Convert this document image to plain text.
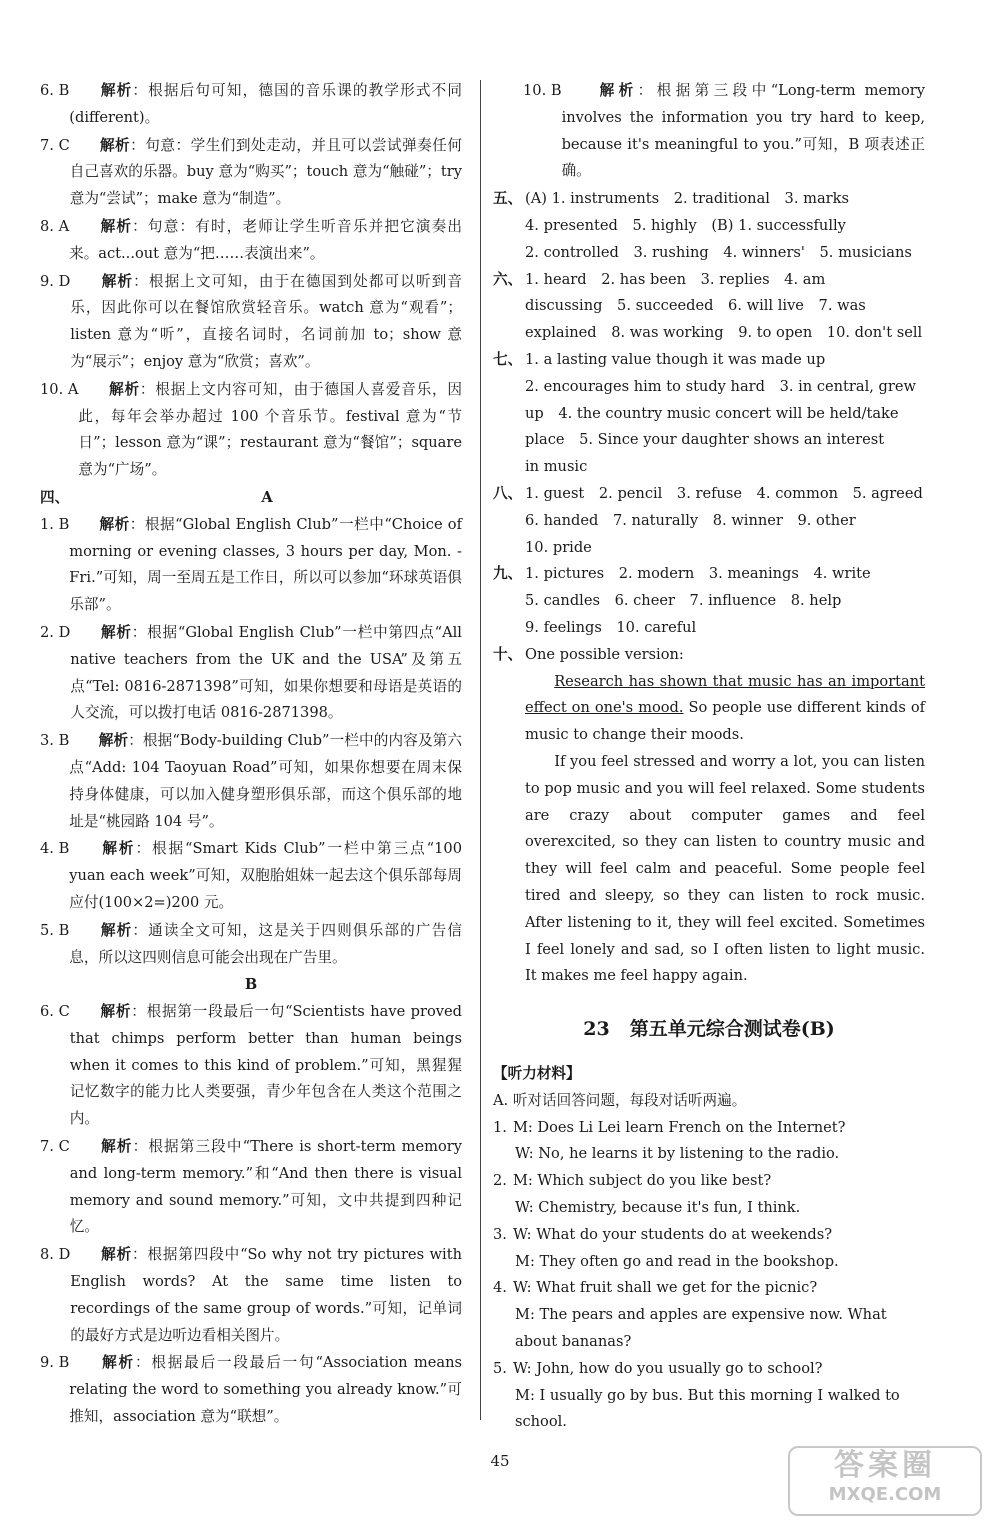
6. B
　　	解析：根据后句可知，德国的音乐课的教学形式不同(different)。
7. C
　　	解析：句意：学生们到处走动，并且可以尝试弹奏任何自己喜欢的乐器。buy 意为“购买”；touch 意为“触碰”；try 意为“尝试”；make 意为“制造”。
8. A
　　	解析：句意：有时，老师让学生听音乐并把它演奏出来。act...out 意为“把……表演出来”。
9. D
　　	解析：根据上文可知，由于在德国到处都可以听到音乐，因此你可以在餐馆欣赏轻音乐。watch 意为“观看”；listen 意为“听”，直接名词时，名词前加 to；show 意为“展示”；enjoy 意为“欣赏；喜欢”。
10. A
　　	解析：根据上文内容可知，由于德国人喜爱音乐，因此，每年会举办超过 100 个音乐节。festival 意为“节日”；lesson 意为“课”；restaurant 意为“餐馆”；square 意为“广场”。
四、	A
1. B
　　	解析：根据“Global English Club”一栏中“Choice of morning or evening classes, 3 hours per day, Mon. -Fri.”可知，周一至周五是工作日，所以可以参加“环球英语俱乐部”。
2. D
　　	解析：根据“Global English Club”一栏中第四点“All native teachers from the UK and the USA”及第五点“Tel: 0816-2871398”可知，如果你想要和母语是英语的人交流，可以拨打电话 0816-2871398。
3. B
　　	解析：根据“Body-building Club”一栏中的内容及第六点“Add: 104 Taoyuan Road”可知，如果你想要在周末保持身体健康，可以加入健身塑形俱乐部，而这个俱乐部的地址是“桃园路 104 号”。
4. B
　　	解析：根据“Smart Kids Club”一栏中第三点“100 yuan each week”可知，双胞胎姐妹一起去这个俱乐部每周应付(100×2=)200 元。
5. B
　　	解析：通读全文可知，这是关于四则俱乐部的广告信息，所以这四则信息可能会出现在广告里。
B
6. C
　　	解析：根据第一段最后一句“Scientists have proved that chimps perform better than human beings when it comes to this kind of problem.”可知，黑猩猩记忆数字的能力比人类要强，青少年包含在人类这个范围之内。
7. C
　　	解析：根据第三段中“There is short-term memory and long-term memory.”和“And then there is visual memory and sound memory.”可知，文中共提到四种记忆。
8. D
　　	解析：根据第四段中“So why not try pictures with English words? At the same time listen to recordings of the same group of words.”可知，记单词的最好方式是边听边看相关图片。
9. B
　　	解析：根据最后一段最后一句“Association means relating the word to something you already know.”可推知，association 意为“联想”。
10. B
　　	解析：根据第三段中“Long-term memory involves the information you try hard to keep, because it's meaningful to you.”可知，B 项表述正确。
五、 (A) 1. instruments　2. traditional　3. marks
4. presented　5. highly　(B) 1. successfully
2. controlled　3. rushing　4. winners'　5. musicians
六、 1. heard　2. has been　3. replies　4. am
discussing　5. succeeded　6. will live　7. was
explained　8. was working　9. to open　10. don't sell
七、 1. a lasting value though it was made up
2. encourages him to study hard　3. in central, grew
up　4. the country music concert will be held/take
place　5. Since your daughter shows an interest
in music
八、 1. guest　2. pencil　3. refuse　4. common　5. agreed
6. handed　7. naturally　8. winner　9. other
10. pride
九、 1. pictures　2. modern　3. meanings　4. write
5. candles　6. cheer　7. influence　8. help
9. feelings　10. careful
十、 One possible version:
Research has shown that music has an important effect on one's mood. So people use different kinds of music to change their moods.
If you feel stressed and worry a lot, you can listen to pop music and you will feel relaxed. Some students are crazy about computer games and feel overexcited, so they can listen to country music and they will feel calm and peaceful. Some people feel tired and sleepy, so they can listen to rock music. After listening to it, they will feel excited. Sometimes I feel lonely and sad, so I often listen to light music. It makes me feel happy again.
23 第五单元综合测试卷(B)
【听力材料】
A. 听对话回答问题，每段对话听两遍。
1. M: Does Li Lei learn French on the Internet?
W: No, he learns it by listening to the radio.
2. M: Which subject do you like best?
W: Chemistry, because it's fun, I think.
3. W: What do your students do at weekends?
M: They often go and read in the bookshop.
4. W: What fruit shall we get for the picnic?
M: The pears and apples are expensive now. What about bananas?
5. W: John, how do you usually go to school?
M: I usually go by bus. But this morning I walked to school.
45	答案圈
MXQE.COM
